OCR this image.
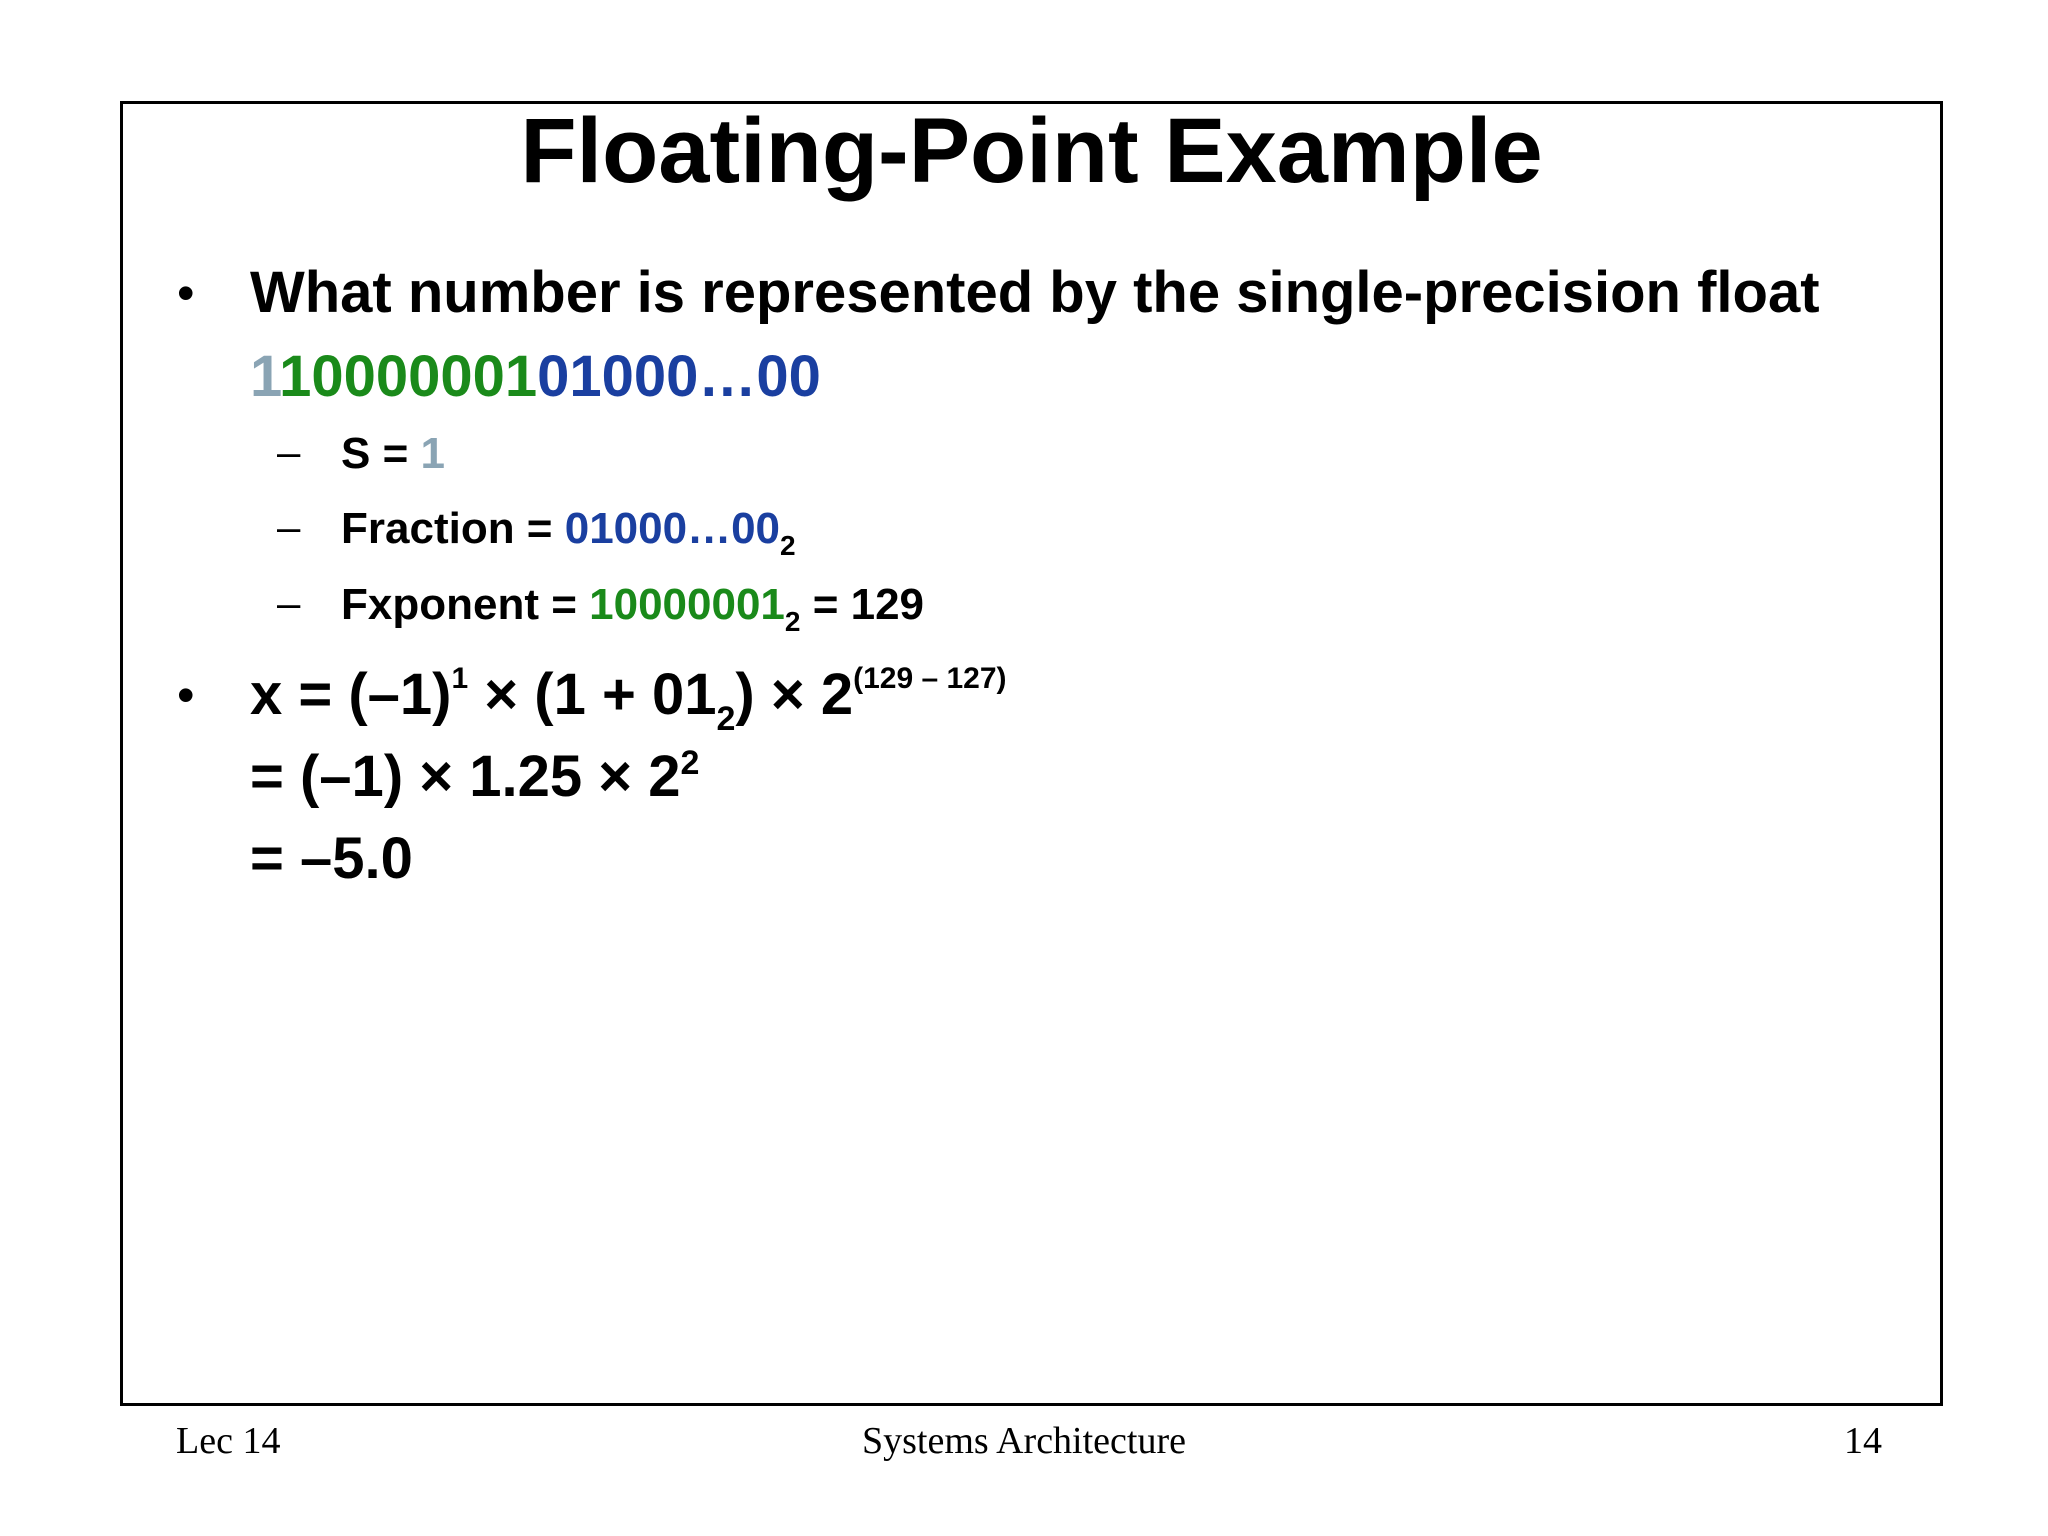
Floating-Point Example
• What number is represented by the single-precision float
11000000101000…00
– S = 1
– Fraction = $01000\dots 00_2$
– Fxponent = $10000001_2 = 129$
• $x = (-1)^1 \times (1 + 01_2) \times 2^{(129 - 127)}$
= $(-1) \times 1.25 \times 2^2$
= –5.0
Lec 14	Systems Architecture	14
